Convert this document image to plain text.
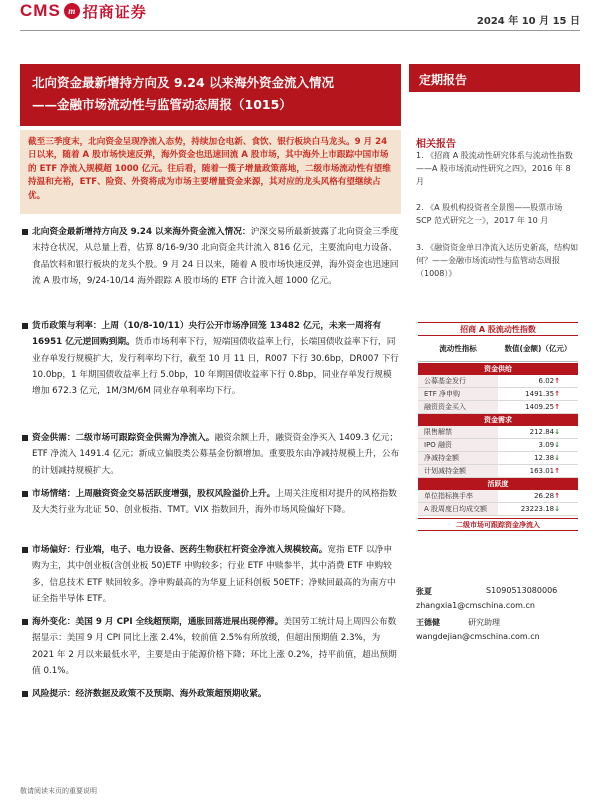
CMS m 招商证券
2024 年 10 月 15 日
北向资金最新增持方向及 9.24 以来海外资金流入情况
——金融市场流动性与监管动态周报（1015）
定期报告
截至三季度末，北向资金呈现净流入态势，持续加仓电新、食饮、银行板块白马龙头。9 月 24 日以来，随着 A 股市场快速反弹，海外资金也迅速回流 A 股市场，其中海外上市跟踪中国市场的 ETF 净流入规模超 1000 亿元。往后看，随着一揽子增量政策落地，二级市场流动性有望维持温和充裕，ETF、险资、外资将成为市场主要增量资金来源，其对应的龙头风格有望继续占优。
北向资金最新增持方向及 9.24 以来海外资金流入情况：沪深交易所最新披露了北向资金三季度末持仓状况，从总量上看，估算 8/16-9/30 北向资金共计流入 816 亿元，主要流向电力设备、食品饮料和银行板块的龙头个股。9 月 24 日以来，随着 A 股市场快速反弹，海外资金也迅速回流 A 股市场，9/24-10/14 海外跟踪 A 股市场的 ETF 合计流入超 1000 亿元。
货币政策与利率：上周（10/8-10/11）央行公开市场净回笼 13482 亿元，未来一周将有 16951 亿元逆回购到期。货币市场利率下行，短端国债收益率上行，长端国债收益率下行，同业存单发行规模扩大，发行利率均下行，截至 10 月 11 日，R007 下行 30.6bp，DR007 下行 10.0bp，1 年期国债收益率上行 5.0bp，10 年期国债收益率下行 0.8bp，同业存单发行规模增加 672.3 亿元，1M/3M/6M 同业存单利率均下行。
资金供需：二级市场可跟踪资金供需为净流入。融资余额上升，融资资金净买入 1409.3 亿元；ETF 净流入 1491.4 亿元；新成立偏股类公募基金份额增加。重要股东由净减持规模上升，公布的计划减持规模扩大。
市场情绪：上周融资资金交易活跃度增强，股权风险溢价上升。上周关注度相对提升的风格指数及大类行业为北证 50、创业板指、TMT。VIX 指数回升，海外市场风险偏好下降。
市场偏好：行业端，电子、电力设备、医药生物获杠杆资金净流入规模较高。宽指 ETF 以净申购为主，其中创业板(含创业板 50)ETF 申购较多；行业 ETF 申赎参半，其中消费 ETF 申购较多，信息技术 ETF 赎回较多。净申购最高的为华夏上证科创板 50ETF；净赎回最高的为南方中证全指半导体 ETF。
海外变化：美国 9 月 CPI 全线超预期，通胀回落进展出现停滞。美国劳工统计局上周四公布数据显示：美国 9 月 CPI 同比上涨 2.4%，较前值 2.5%有所放缓，但超出预期值 2.3%，为 2021 年 2 月以来最低水平，主要是由于能源价格下降；环比上涨 0.2%，持平前值，超出预期值 0.1%。
风险提示：经济数据及政策不及预期、海外政策超预期收紧。
相关报告
1. 《招商 A 股流动性研究体系与流动性指数——A 股市场流动性研究之四》，2016 年 8 月
2. 《A 股机构投资者全景图——股票市场 SCP 范式研究之一》，2017 年 10 月
3. 《融资资金单日净流入达历史新高，结构如何？——金融市场流动性与监管动态周报（1008）》
招商 A 股流动性指数
流动性指标	数值(金额)（亿元）
资金供给
公募基金发行	6.02↑
ETF 净申购	1491.35↑
融资资金买入	1409.25↑
资金需求
限售解禁	212.84↓
IPO 融资	3.09↓
净减持金额	12.38↓
计划减持金额	163.01↑
活跃度
单位指标换手率	26.28↑
A 股周度日均成交额	23223.18↓
二级市场可跟踪资金净流入
张夏	S1090513080006
zhangxia1@cmschina.com.cn
王德健	研究助理
wangdejian@cmschina.com.cn
敬请阅读末页的重要说明
